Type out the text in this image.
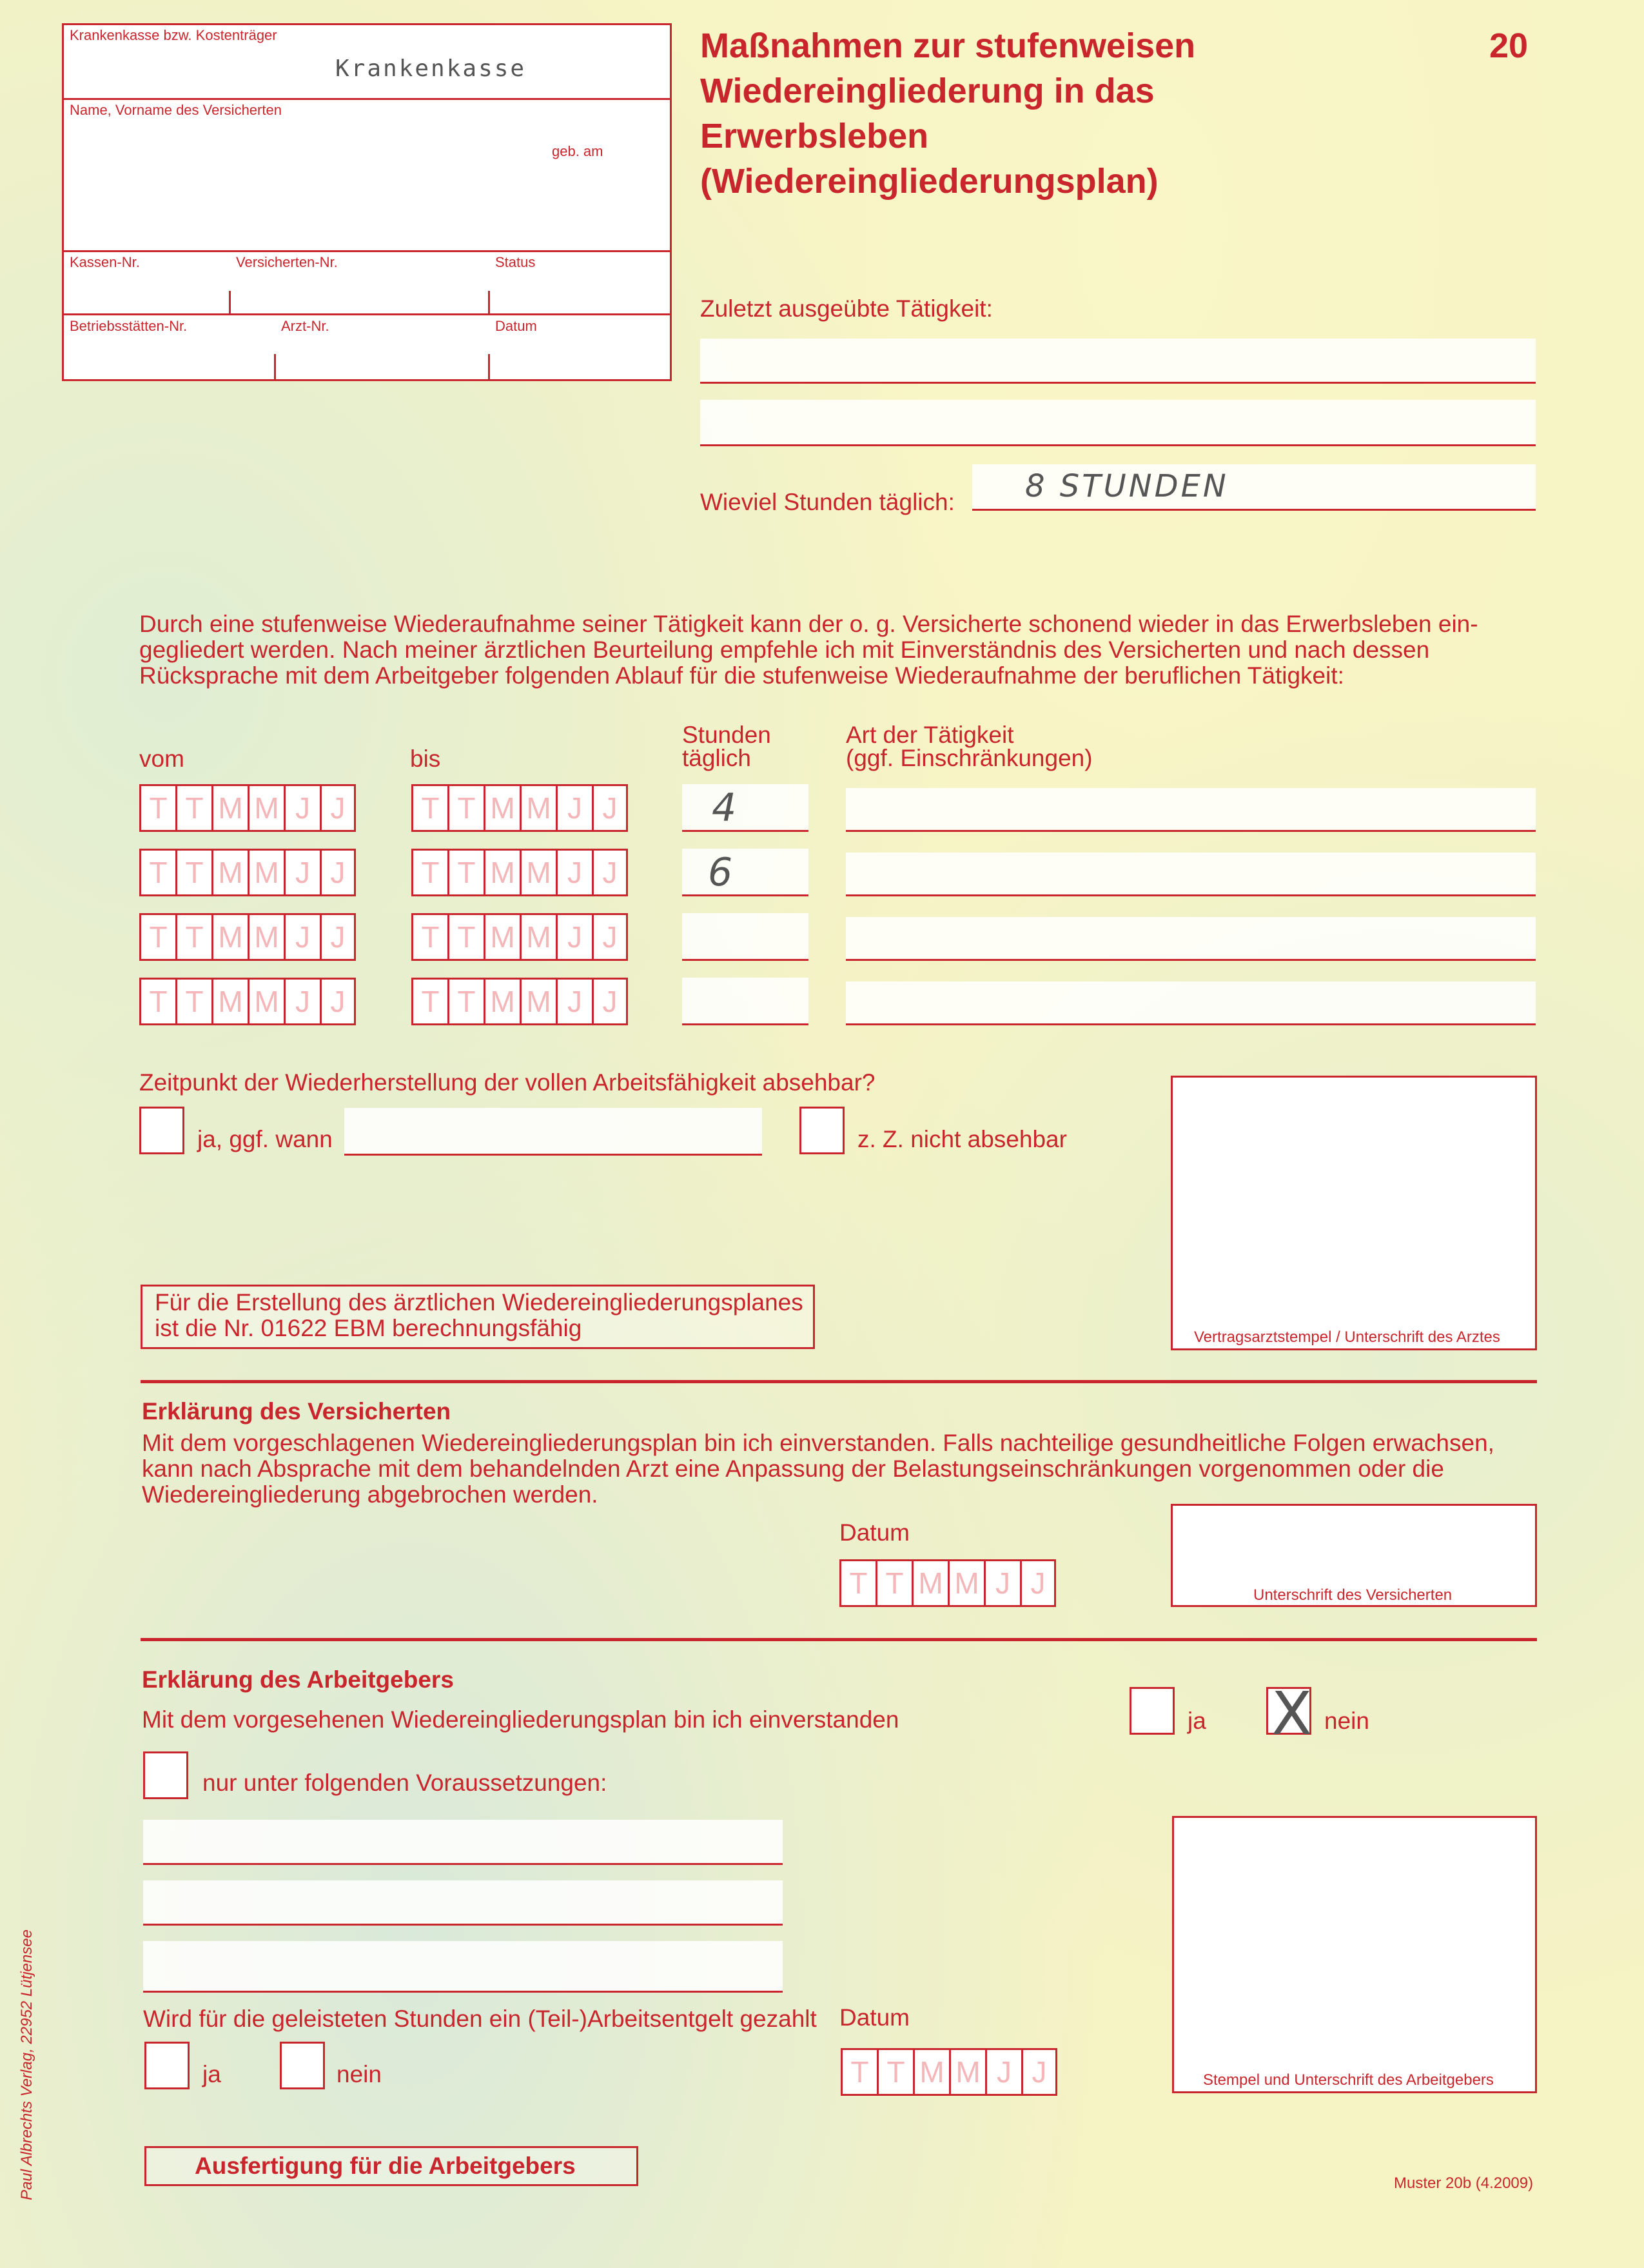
Krankenkasse bzw. Kostenträger
Krankenkasse
Name, Vorname des Versicherten
geb. am
Kassen-Nr.	Versicherten-Nr.	Status
Betriebsstätten-Nr.	Arzt-Nr.	Datum
Maßnahmen zur stufenweisen
Wiedereingliederung in das
Erwerbsleben
(Wiedereingliederungsplan)
20
Zuletzt ausgeübte Tätigkeit:
Wieviel Stunden täglich: 8 STUNDEN
Durch eine stufenweise Wiederaufnahme seiner Tätigkeit kann der o. g. Versicherte schonend wieder in das Erwerbsleben ein-
gegliedert werden. Nach meiner ärztlichen Beurteilung empfehle ich mit Einverständnis des Versicherten und nach dessen
Rücksprache mit dem Arbeitgeber folgenden Ablauf für die stufenweise Wiederaufnahme der beruflichen Tätigkeit:
vom	bis
Stunden
täglich
Art der Tätigkeit
(ggf. Einschränkungen)
T T M M J J	T T M M J J 4
T T M M J J	T T M M J J 6
T T M M J J	T T M M J J
T T M M J J	T T M M J J
Zeitpunkt der Wiederherstellung der vollen Arbeitsfähigkeit absehbar?
ja, ggf. wann	z. Z. nicht absehbar
Vertragsarztstempel / Unterschrift des Arztes
Für die Erstellung des ärztlichen Wiedereingliederungsplanes
ist die Nr. 01622 EBM berechnungsfähig
Erklärung des Versicherten
Mit dem vorgeschlagenen Wiedereingliederungsplan bin ich einverstanden. Falls nachteilige gesundheitliche Folgen erwachsen,
kann nach Absprache mit dem behandelnden Arzt eine Anpassung der Belastungseinschränkungen vorgenommen oder die
Wiedereingliederung abgebrochen werden.
Datum
T T M M J J	Unterschrift des Versicherten
Erklärung des Arbeitgebers
Mit dem vorgesehenen Wiedereingliederungsplan bin ich einverstanden	ja X nein
nur unter folgenden Voraussetzungen:
Wird für die geleisteten Stunden ein (Teil-)Arbeitsentgelt gezahlt
ja	nein
Datum
T T M M J J	Stempel und Unterschrift des Arbeitgebers
Ausfertigung für die Arbeitgebers
Muster 20b (4.2009)
Paul Albrechts Verlag, 22952 Lütjensee
